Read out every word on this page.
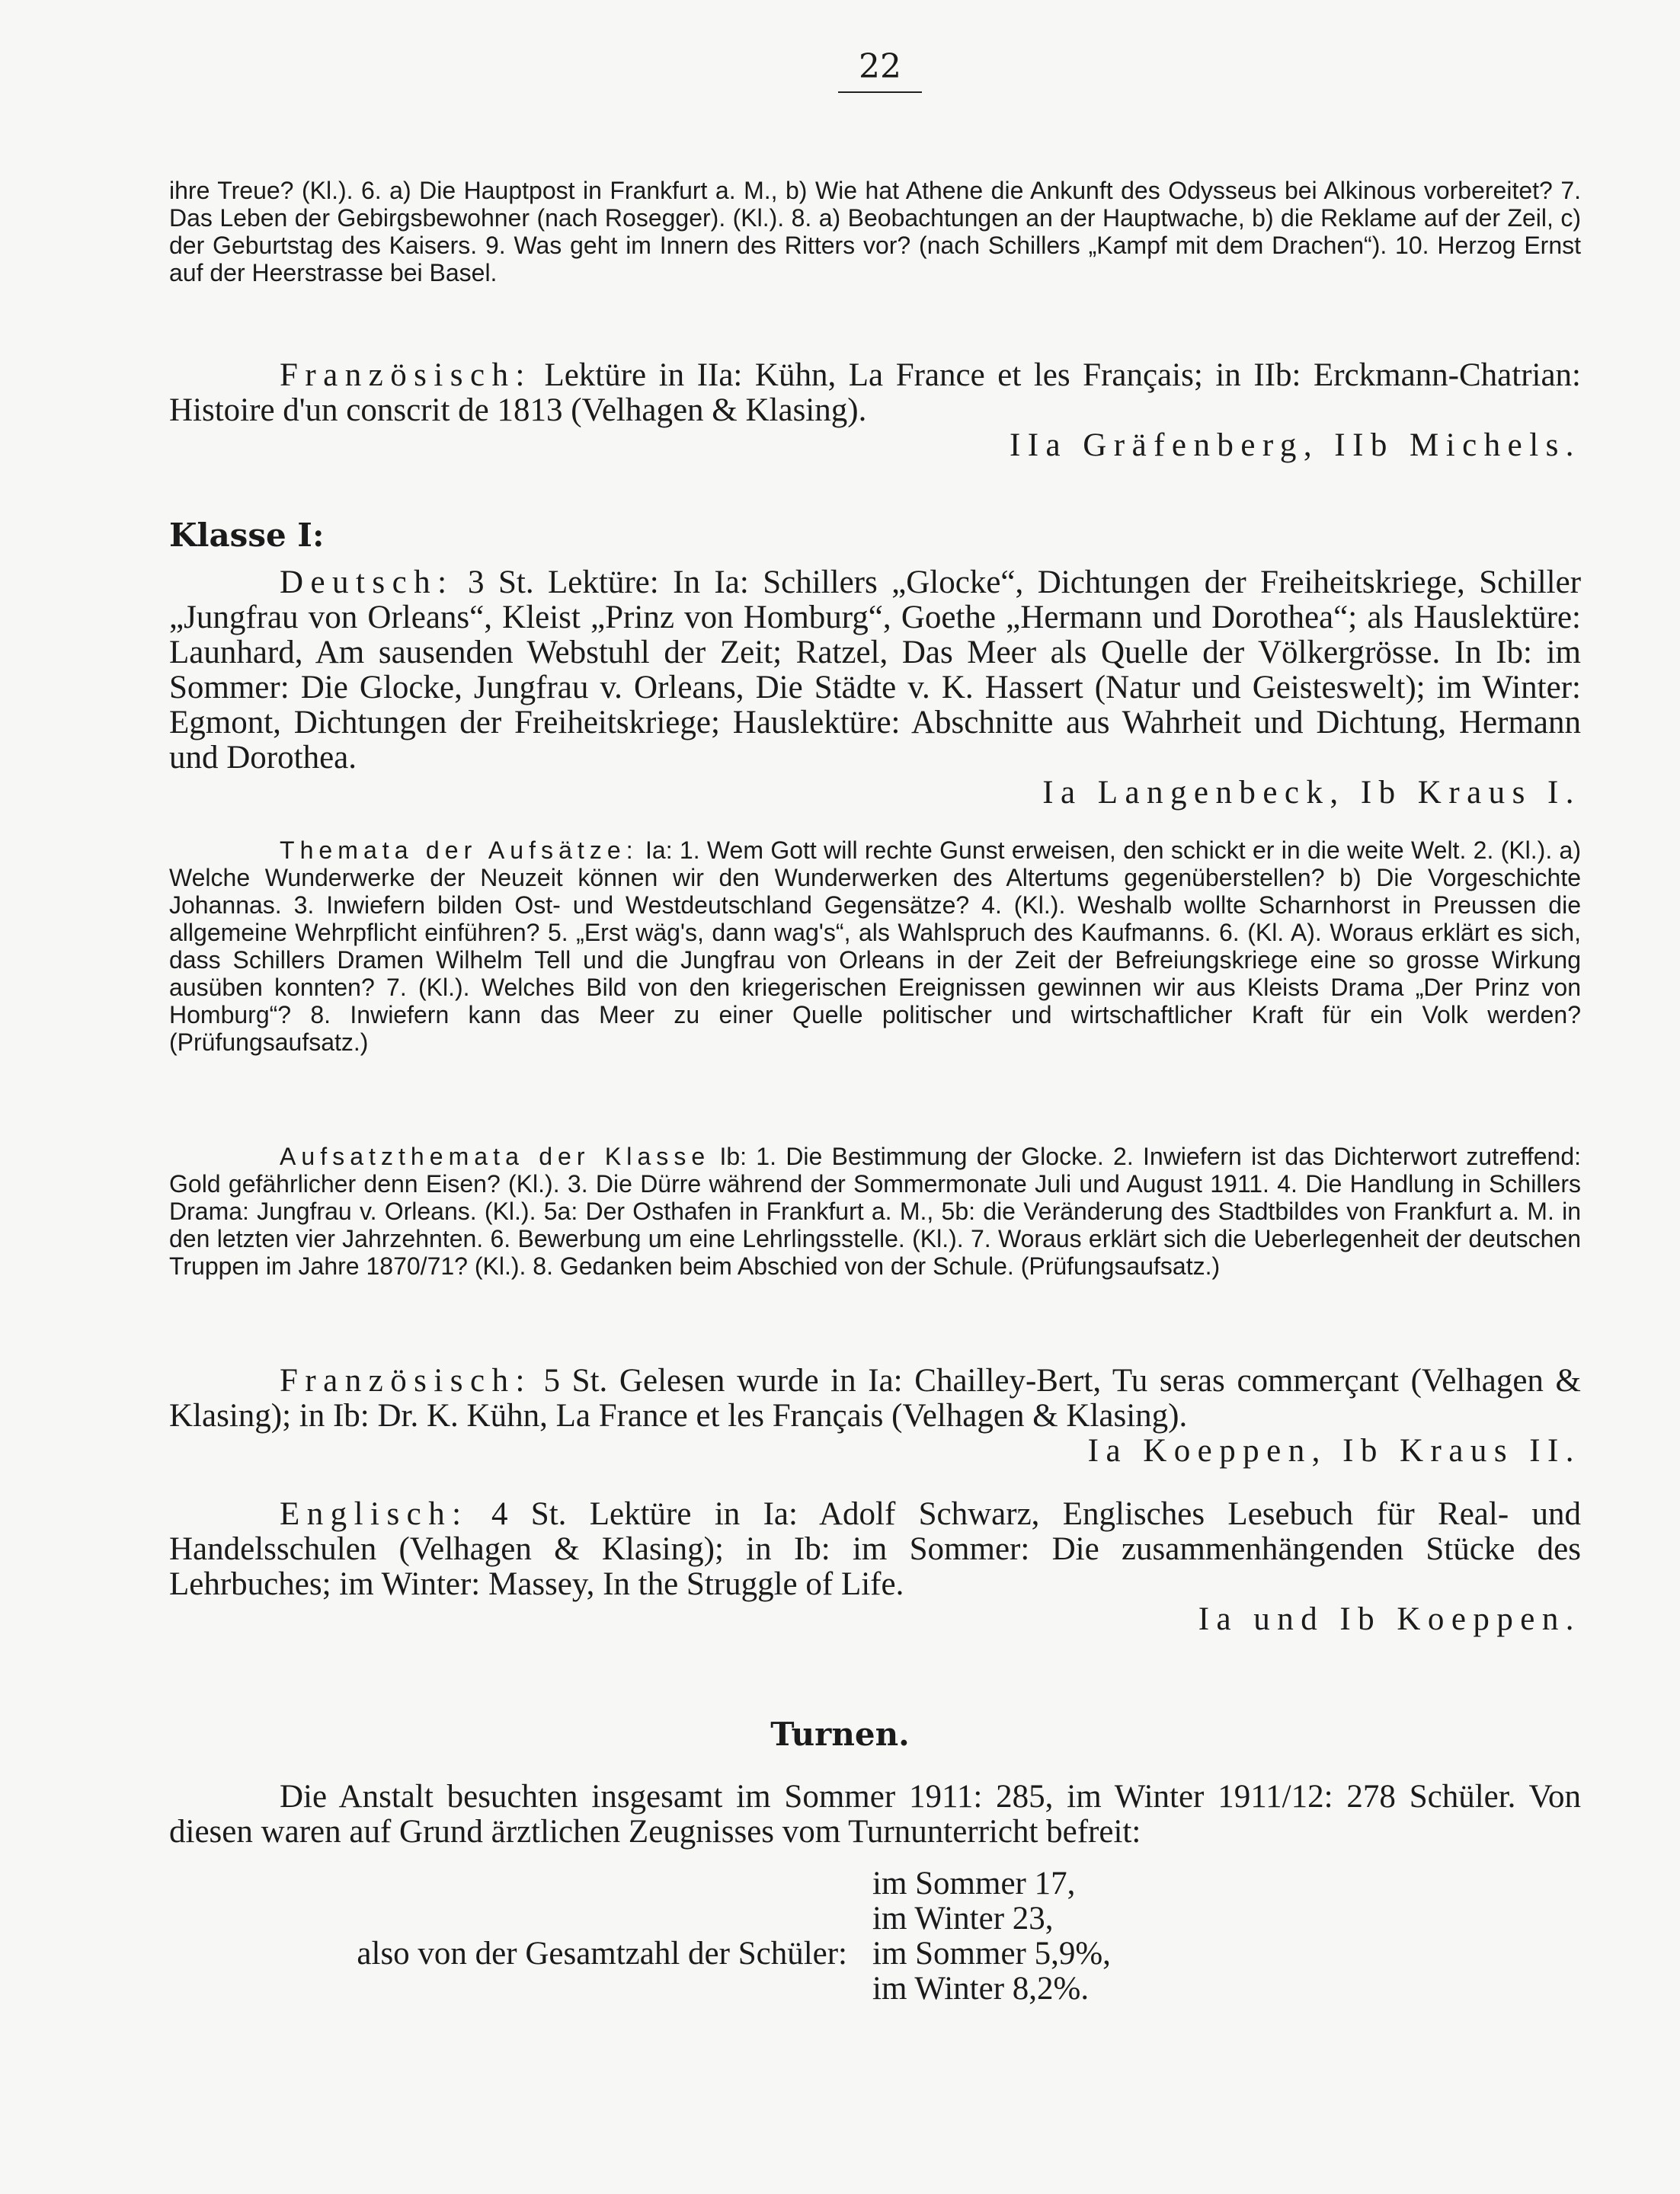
22

ihre Treue? (Kl.). 6. a) Die Hauptpost in Frankfurt a. M., b) Wie hat Athene die Ankunft des Odysseus bei Alkinous vorbereitet? 7. Das Leben der Gebirgsbewohner (nach Rosegger). (Kl.). 8. a) Beobachtungen an der Hauptwache, b) die Reklame auf der Zeil, c) der Geburtstag des Kaisers. 9. Was geht im Innern des Ritters vor? (nach Schillers „Kampf mit dem Drachen“). 10. Herzog Ernst auf der Heerstrasse bei Basel.

Französisch: Lektüre in IIa: Kühn, La France et les Français; in IIb: Erckmann-Chatrian: Histoire d'un conscrit de 1813 (Velhagen & Klasing).

IIa Gräfenberg, IIb Michels.

Klasse I:

Deutsch: 3 St. Lektüre: In Ia: Schillers „Glocke“, Dichtungen der Freiheitskriege, Schiller „Jungfrau von Orleans“, Kleist „Prinz von Homburg“, Goethe „Hermann und Dorothea“; als Hauslektüre: Launhard, Am sausenden Webstuhl der Zeit; Ratzel, Das Meer als Quelle der Völkergrösse. In Ib: im Sommer: Die Glocke, Jungfrau v. Orleans, Die Städte v. K. Hassert (Natur und Geisteswelt); im Winter: Egmont, Dichtungen der Freiheitskriege; Hauslektüre: Abschnitte aus Wahrheit und Dichtung, Hermann und Dorothea.

Ia Langenbeck, Ib Kraus I.

Themata der Aufsätze: Ia: 1. Wem Gott will rechte Gunst erweisen, den schickt er in die weite Welt. 2. (Kl.). a) Welche Wunderwerke der Neuzeit können wir den Wunderwerken des Altertums gegenüberstellen? b) Die Vorgeschichte Johannas. 3. Inwiefern bilden Ost- und Westdeutschland Gegensätze? 4. (Kl.). Weshalb wollte Scharnhorst in Preussen die allgemeine Wehrpflicht einführen? 5. „Erst wäg's, dann wag's“, als Wahlspruch des Kaufmanns. 6. (Kl. A). Woraus erklärt es sich, dass Schillers Dramen Wilhelm Tell und die Jungfrau von Orleans in der Zeit der Befreiungskriege eine so grosse Wirkung ausüben konnten? 7. (Kl.). Welches Bild von den kriegerischen Ereignissen gewinnen wir aus Kleists Drama „Der Prinz von Homburg“? 8. Inwiefern kann das Meer zu einer Quelle politischer und wirtschaftlicher Kraft für ein Volk werden? (Prüfungsaufsatz.)

Aufsatzthemata der Klasse Ib: 1. Die Bestimmung der Glocke. 2. Inwiefern ist das Dichterwort zutreffend: Gold gefährlicher denn Eisen? (Kl.). 3. Die Dürre während der Sommermonate Juli und August 1911. 4. Die Handlung in Schillers Drama: Jungfrau v. Orleans. (Kl.). 5a: Der Osthafen in Frankfurt a. M., 5b: die Veränderung des Stadtbildes von Frankfurt a. M. in den letzten vier Jahrzehnten. 6. Bewerbung um eine Lehrlingsstelle. (Kl.). 7. Woraus erklärt sich die Ueberlegenheit der deutschen Truppen im Jahre 1870/71? (Kl.). 8. Gedanken beim Abschied von der Schule. (Prüfungsaufsatz.)

Französisch: 5 St. Gelesen wurde in Ia: Chailley-Bert, Tu seras commerçant (Velhagen & Klasing); in Ib: Dr. K. Kühn, La France et les Français (Velhagen & Klasing).

Ia Koeppen, Ib Kraus II.

Englisch: 4 St. Lektüre in Ia: Adolf Schwarz, Englisches Lesebuch für Real- und Handelsschulen (Velhagen & Klasing); in Ib: im Sommer: Die zusammenhängenden Stücke des Lehrbuches; im Winter: Massey, In the Struggle of Life.

Ia und Ib Koeppen.

Turnen.

Die Anstalt besuchten insgesamt im Sommer 1911: 285, im Winter 1911/12: 278 Schüler. Von diesen waren auf Grund ärztlichen Zeugnisses vom Turnunterricht befreit:

im Sommer 17,
im Winter 23,
also von der Gesamtzahl der Schüler: im Sommer 5,9%,
im Winter 8,2%.
